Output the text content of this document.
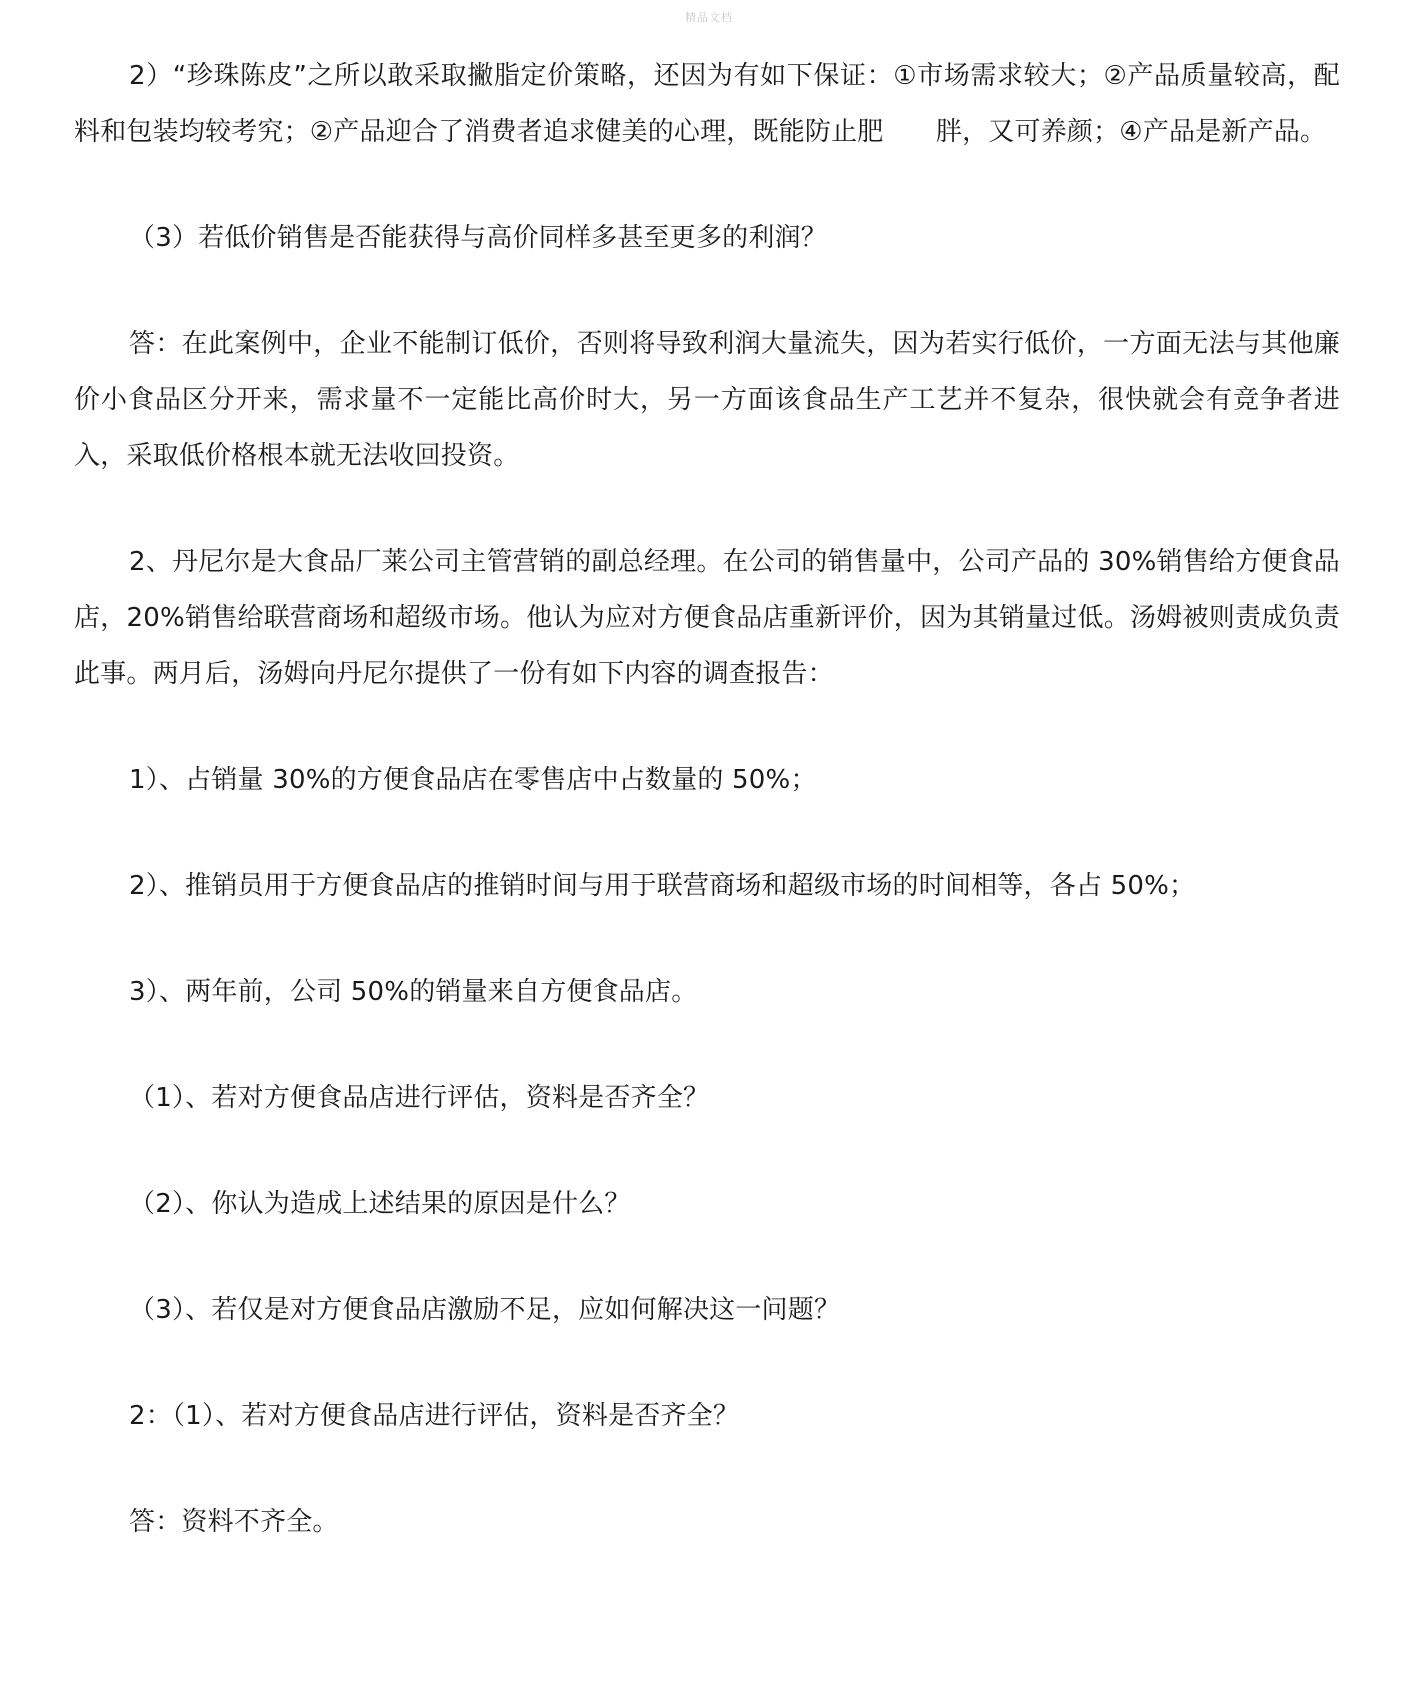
精品文档

2）“珍珠陈皮”之所以敢采取撇脂定价策略，还因为有如下保证：①市场需求较大；②产品质量较高，配料和包装均较考究；②产品迎合了消费者追求健美的心理，既能防止肥　　胖，又可养颜；④产品是新产品。

（3）若低价销售是否能获得与高价同样多甚至更多的利润？

答：在此案例中，企业不能制订低价，否则将导致利润大量流失，因为若实行低价，一方面无法与其他廉价小食品区分开来，需求量不一定能比高价时大，另一方面该食品生产工艺并不复杂，很快就会有竞争者进入，采取低价格根本就无法收回投资。

2、丹尼尔是大食品厂莱公司主管营销的副总经理。在公司的销售量中，公司产品的 30%销售给方便食品店，20%销售给联营商场和超级市场。他认为应对方便食品店重新评价，因为其销量过低。汤姆被则责成负责此事。两月后，汤姆向丹尼尔提供了一份有如下内容的调查报告：

1）、占销量 30%的方便食品店在零售店中占数量的 50%；

2）、推销员用于方便食品店的推销时间与用于联营商场和超级市场的时间相等，各占 50%；

3）、两年前，公司 50%的销量来自方便食品店。

（1）、若对方便食品店进行评估，资料是否齐全？

（2）、你认为造成上述结果的原因是什么？

（3）、若仅是对方便食品店激励不足，应如何解决这一问题？

2：（1）、若对方便食品店进行评估，资料是否齐全？

答：资料不齐全。
